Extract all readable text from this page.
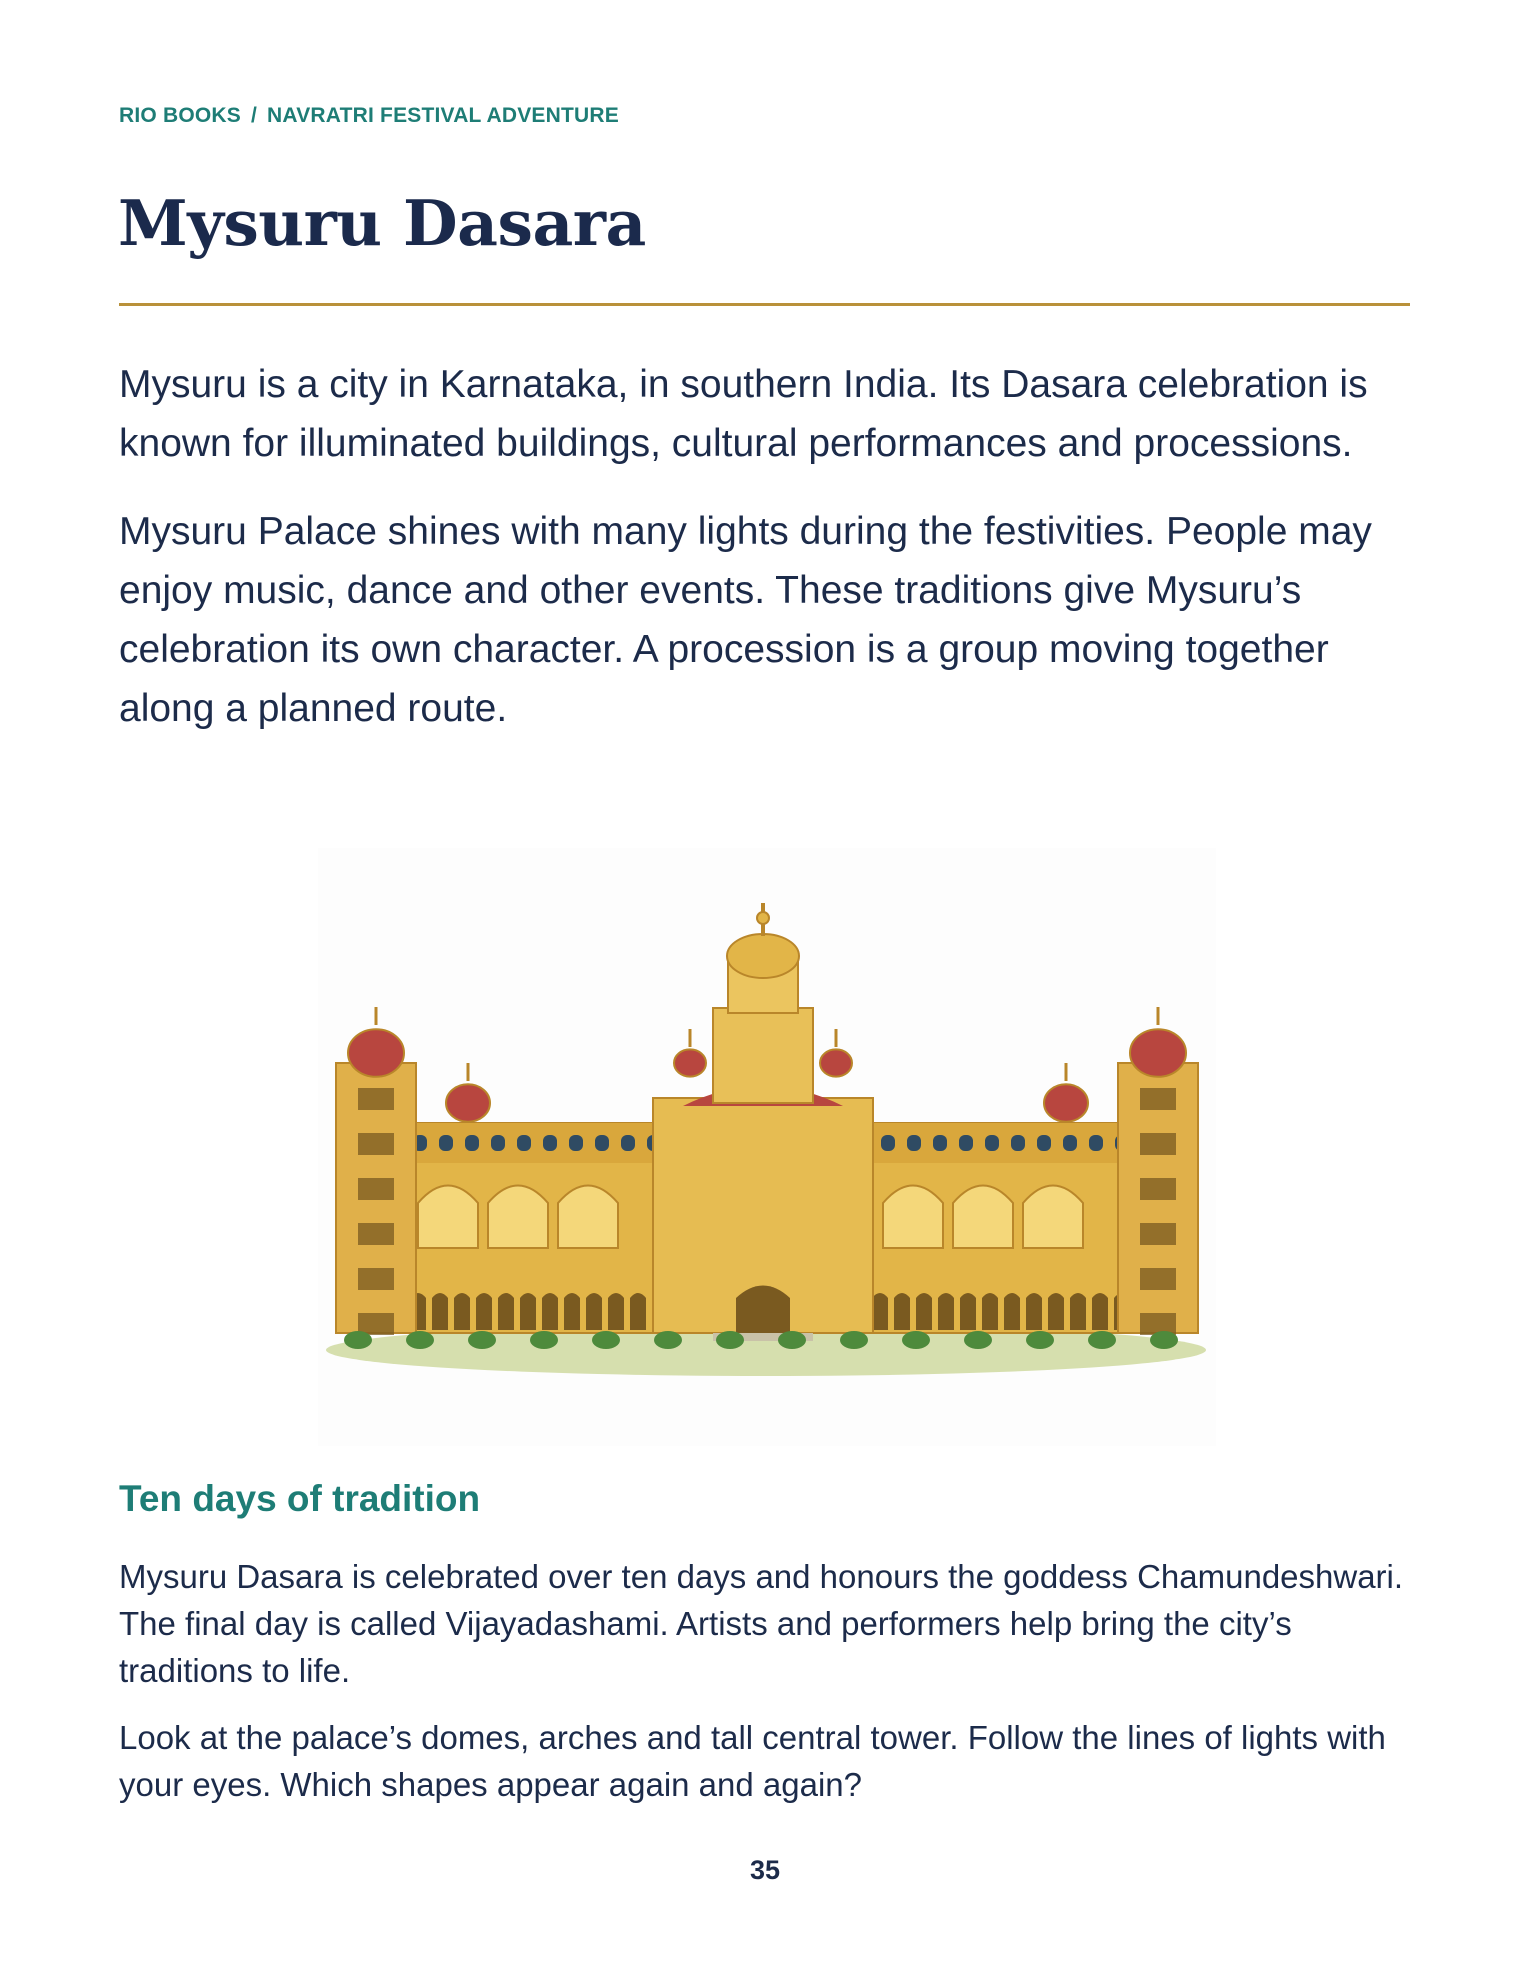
RIO BOOKS / NAVRATRI FESTIVAL ADVENTURE
Mysuru Dasara

Mysuru is a city in Karnataka, in southern India. Its Dasara celebration is known for illuminated buildings, cultural performances and processions.

Mysuru Palace shines with many lights during the festivities. People may enjoy music, dance and other events. These traditions give Mysuru’s celebration its own character. A procession is a group moving together along a planned route.

Ten days of tradition

Mysuru Dasara is celebrated over ten days and honours the goddess Chamundeshwari. The final day is called Vijayadashami. Artists and performers help bring the city’s traditions to life.

Look at the palace’s domes, arches and tall central tower. Follow the lines of lights with your eyes. Which shapes appear again and again?

35
